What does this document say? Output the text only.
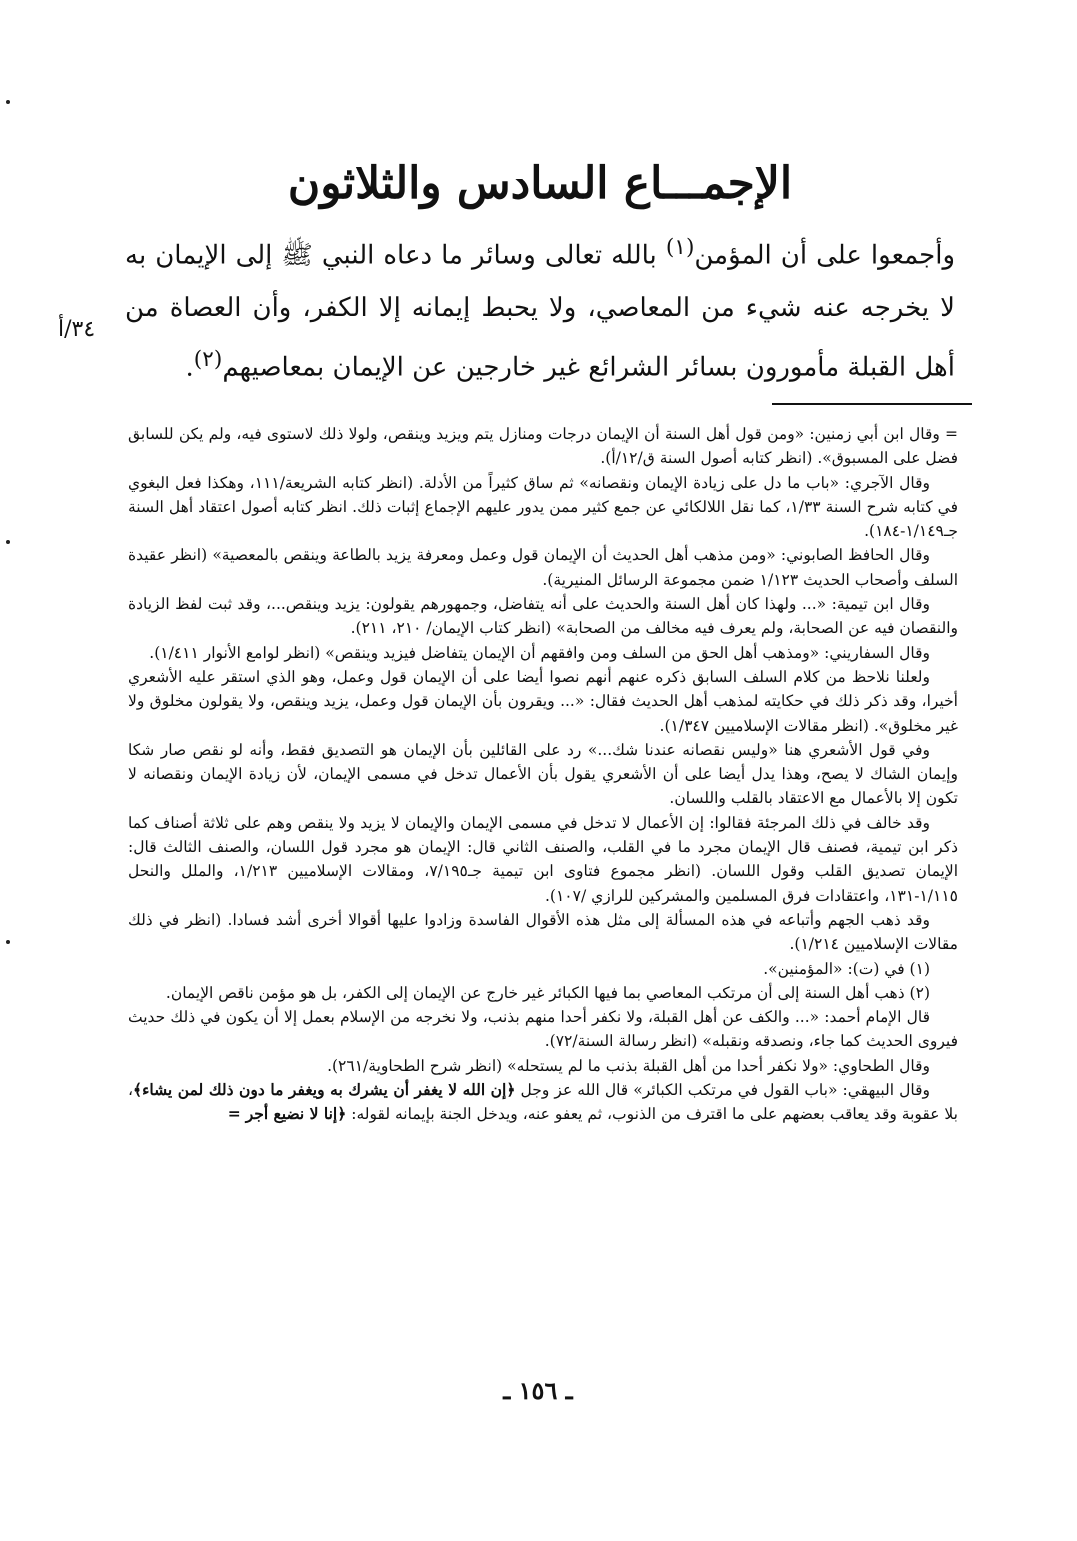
الإجمـــاع السادس والثلاثون
وأجمعوا على أن المؤمن$^{(١)}$ بالله تعالى وسائر ما دعاه النبي ﷺ إلى الإيمان به لا يخرجه عنه شيء من المعاصي، ولا يحبط إيمانه إلا الكفر، وأن العصاة من أهل القبلة مأمورون بسائر الشرائع غير خارجين عن الإيمان بمعاصيهم$^{(٢)}$.
٣٤/أ

= وقال ابن أبي زمنين: «ومن قول أهل السنة أن الإيمان درجات ومنازل يتم ويزيد وينقص، ولولا ذلك لاستوى فيه، ولم يكن للسابق فضل على المسبوق». (انظر كتابه أصول السنة ق/١٢/أ).

وقال الآجري: «باب ما دل على زيادة الإيمان ونقصانه» ثم ساق كثيراً من الأدلة. (انظر كتابه الشريعة/١١١، وهكذا فعل البغوي في كتابه شرح السنة ١/٣٣، كما نقل اللالكائي عن جمع كثير ممن يدور عليهم الإجماع إثبات ذلك. انظر كتابه أصول اعتقاد أهل السنة جـ١/١٤٩-١٨٤).

وقال الحافظ الصابوني: «ومن مذهب أهل الحديث أن الإيمان قول وعمل ومعرفة يزيد بالطاعة وينقص بالمعصية» (انظر عقيدة السلف وأصحاب الحديث ١/١٢٣ ضمن مجموعة الرسائل المنيرية).

وقال ابن تيمية: «... ولهذا كان أهل السنة والحديث على أنه يتفاضل، وجمهورهم يقولون: يزيد وينقص...، وقد ثبت لفظ الزيادة والنقصان فيه عن الصحابة، ولم يعرف فيه مخالف من الصحابة» (انظر كتاب الإيمان/ ٢١٠، ٢١١).

وقال السفاريني: «ومذهب أهل الحق من السلف ومن وافقهم أن الإيمان يتفاضل فيزيد وينقص» (انظر لوامع الأنوار ١/٤١١).

ولعلنا نلاحظ من كلام السلف السابق ذكره عنهم أنهم نصوا أيضا على أن الإيمان قول وعمل، وهو الذي استقر عليه الأشعري أخيرا، وقد ذكر ذلك في حكايته لمذهب أهل الحديث فقال: «... ويقرون بأن الإيمان قول وعمل، يزيد وينقص، ولا يقولون مخلوق ولا غير مخلوق». (انظر مقالات الإسلاميين ١/٣٤٧).

وفي قول الأشعري هنا «وليس نقصانه عندنا شك...» رد على القائلين بأن الإيمان هو التصديق فقط، وأنه لو نقص صار شكا وإيمان الشاك لا يصح، وهذا يدل أيضا على أن الأشعري يقول بأن الأعمال تدخل في مسمى الإيمان، لأن زيادة الإيمان ونقصانه لا تكون إلا بالأعمال مع الاعتقاد بالقلب واللسان.

وقد خالف في ذلك المرجئة فقالوا: إن الأعمال لا تدخل في مسمى الإيمان والإيمان لا يزيد ولا ينقص وهم على ثلاثة أصناف كما ذكر ابن تيمية، فصنف قال الإيمان مجرد ما في القلب، والصنف الثاني قال: الإيمان هو مجرد قول اللسان، والصنف الثالث قال: الإيمان تصديق القلب وقول اللسان. (انظر مجموع فتاوى ابن تيمية جـ٧/١٩٥، ومقالات الإسلاميين ١/٢١٣، والملل والنحل ١/١١٥-١٣١، واعتقادات فرق المسلمين والمشركين للرازي /١٠٧).

وقد ذهب الجهم وأتباعه في هذه المسألة إلى مثل هذه الأقوال الفاسدة وزادوا عليها أقوالا أخرى أشد فسادا. (انظر في ذلك مقالات الإسلاميين ١/٢١٤).

(١) في (ت): «المؤمنين».

(٢) ذهب أهل السنة إلى أن مرتكب المعاصي بما فيها الكبائر غير خارج عن الإيمان إلى الكفر، بل هو مؤمن ناقص الإيمان.

قال الإمام أحمد: «... والكف عن أهل القبلة، ولا نكفر أحدا منهم بذنب، ولا نخرجه من الإسلام بعمل إلا أن يكون في ذلك حديث فيروى الحديث كما جاء، ونصدقه ونقبله» (انظر رسالة السنة/٧٢).

وقال الطحاوي: «ولا نكفر أحدا من أهل القبلة بذنب ما لم يستحله» (انظر شرح الطحاوية/٢٦١).

وقال البيهقي: «باب القول في مرتكب الكبائر» قال الله عز وجل ﴿إن الله لا يغفر أن يشرك به ويغفر ما دون ذلك لمن يشاء﴾، بلا عقوبة وقد يعاقب بعضهم على ما اقترف من الذنوب، ثم يعفو عنه، ويدخل الجنة بإيمانه لقوله: ﴿إنا لا نضيع أجر =

ـ ١٥٦ ـ
